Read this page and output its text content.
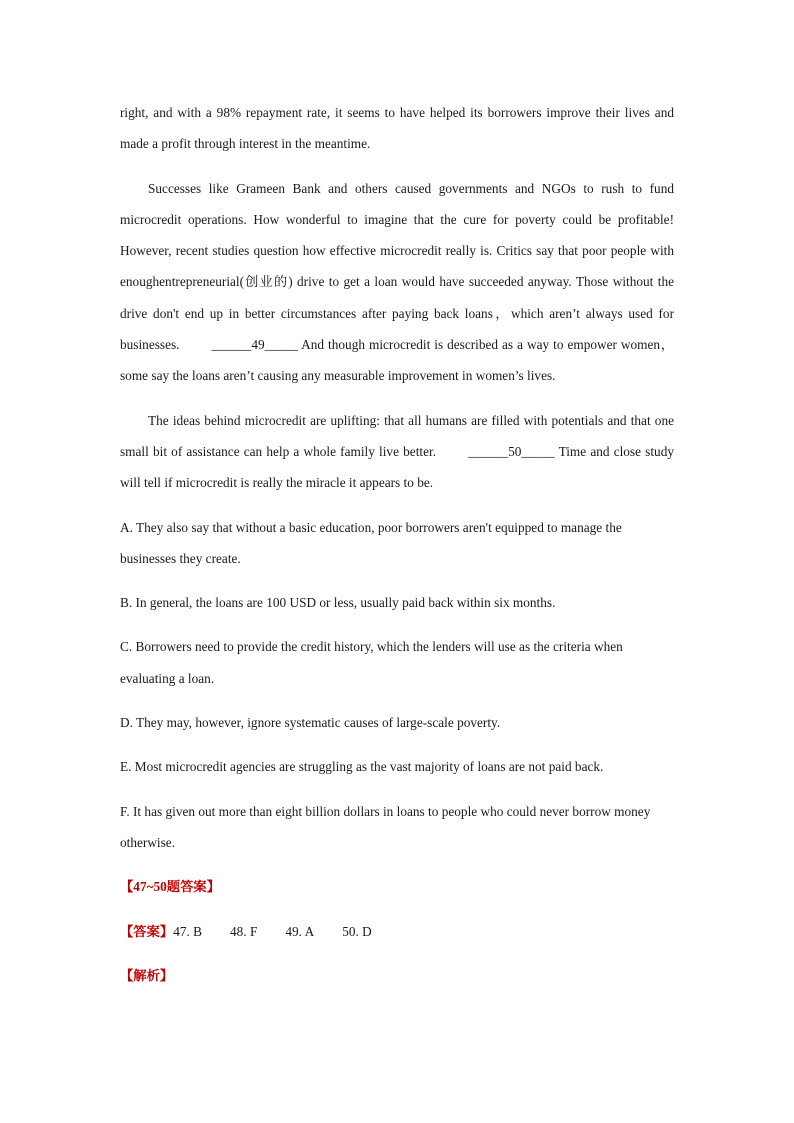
right, and with a 98% repayment rate, it seems to have helped its borrowers improve their lives and made a profit through interest in the meantime.

Successes like Grameen Bank and others caused governments and NGOs to rush to fund microcredit operations. How wonderful to imagine that the cure for poverty could be profitable! However, recent studies question how effective microcredit really is. Critics say that poor people with enoughentrepreneurial(创业的) drive to get a loan would have succeeded anyway. Those without the drive don't end up in better circumstances after paying back loans，which aren’t always used for businesses. ______49_____ And though microcredit is described as a way to empower women，some say the loans aren’t causing any measurable improvement in women’s lives.

The ideas behind microcredit are uplifting: that all humans are filled with potentials and that one small bit of assistance can help a whole family live better. ______50_____ Time and close study will tell if microcredit is really the miracle it appears to be.

A. They also say that without a basic education, poor borrowers aren't equipped to manage the businesses they create.

B. In general, the loans are 100 USD or less, usually paid back within six months.

C. Borrowers need to provide the credit history, which the lenders will use as the criteria when evaluating a loan.

D. They may, however, ignore systematic causes of large-scale poverty.

E. Most microcredit agencies are struggling as the vast majority of loans are not paid back.

F. It has given out more than eight billion dollars in loans to people who could never borrow money otherwise.

【47~50题答案】
【答案】47. B 48. F 49. A 50. D
【解析】
